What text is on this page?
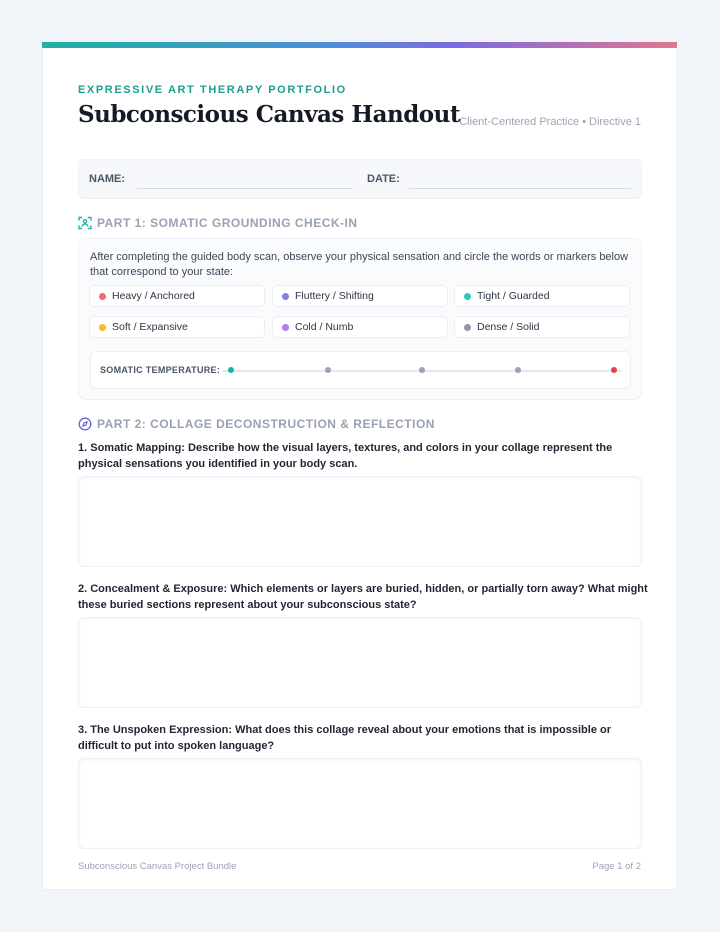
EXPRESSIVE ART THERAPY PORTFOLIO
Subconscious Canvas Handout Client-Centered Practice • Directive 1
NAME:	DATE:
PART 1: SOMATIC GROUNDING CHECK-IN
After completing the guided body scan, observe your physical sensation and circle the words or markers below that correspond to your state:
Heavy / Anchored	Fluttery / Shifting	Tight / Guarded
Soft / Expansive	Cold / Numb	Dense / Solid
SOMATIC TEMPERATURE:
PART 2: COLLAGE DECONSTRUCTION & REFLECTION
1. Somatic Mapping: Describe how the visual layers, textures, and colors in your collage represent the physical sensations you identified in your body scan.
2. Concealment & Exposure: Which elements or layers are buried, hidden, or partially torn away? What might these buried sections represent about your subconscious state?
3. The Unspoken Expression: What does this collage reveal about your emotions that is impossible or difficult to put into spoken language?
Subconscious Canvas Project Bundle	Page 1 of 2
